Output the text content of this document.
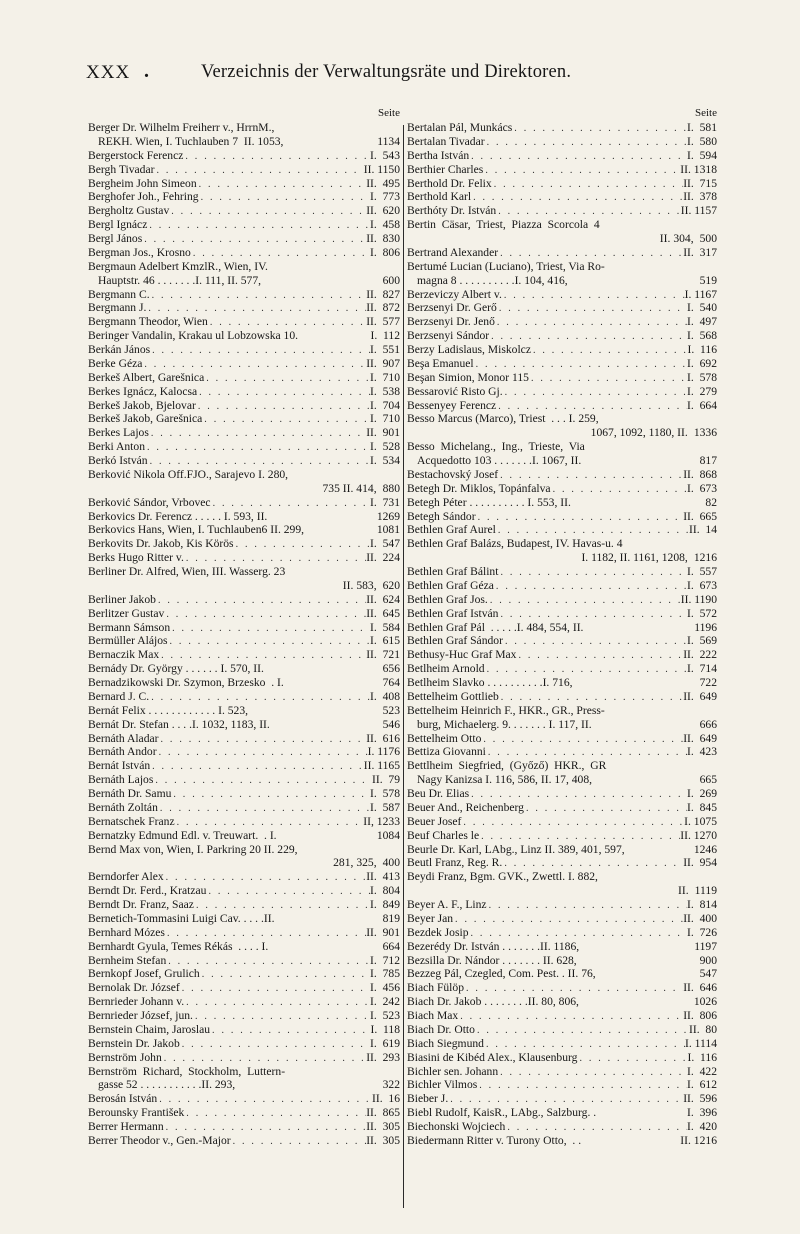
XXX .	Verzeichnis der Verwaltungsräte und Direktoren.
Seite
Berger Dr. Wilhelm Freiherr v., HrrnM.,
REKH. Wien, I. Tuchlauben 7  II. 1053,	1134
Bergerstock Ferencz . . .	I.  543
Bergh Tivadar . . .	II. 1150
Bergheim John Simeon . . .	II.  495
Berghofer Joh., Fehring . . .	I.  773
Bergholtz Gustav . . .	II.  620
Bergl Ignácz . . .	I.  458
Bergl János . . .	II.  830
Bergman Jos., Krosno . . .	I.  806
Bergmaun Adelbert KmzlR., Wien, IV.
Hauptstr. 46 . . . . . . .I. 111, II. 577,	600
Bergmann C. . . .	II.  827
Bergmann J. . . .	II.  872
Bergmann Theodor, Wien . . .	II.  577
Beringer Vandalin, Krakau ul Lobzowska 10.	I.  112
Berkán János . . .	I.  551
Berke Géza . . .	II.  907
Berkeš Albert, Garešnica . . .	I.  710
Berkes Ignácz, Kalocsa . . .	I.  538
Berkeš Jakob, Bjelovar . . .	I.  704
Berkeš Jakob, Garešnica . . .	I.  710
Berkes Lajos . . .	II.  901
Berki Anton . . .	I.  528
Berkó István . . .	I.  534
Berković Nikola Off.FJO., Sarajevo I. 280,
735 II. 414, 880
Berković Sándor, Vrbovec . . .	I.  731
Berkovics Dr. Ferencz . . . . . I. 593, II.	1269
Berkovics Hans, Wien, I. Tuchlauben6 II. 299,	1081
Berkovits Dr. Jakob, Kis Körös . . .	I.  547
Berks Hugo Ritter v. . . .	II.  224
Berliner Dr. Alfred, Wien, III. Wasserg. 23
II. 583, 620
Berliner Jakob . . .	II.  624
Berlitzer Gustav . . .	II.  645
Bermann Sámson . . .	I.  584
Bermüller Alájos . . .	I.  615
Bernaczik Max . . .	II.  721
Bernády Dr. György . . . . . . I. 570, II.	656
Bernadzikowski Dr. Szymon, Brzesko  . I.	764
Bernard J. C. . . .	I.  408
Bernát Felix . . . . . . . . . . . . I. 523,	523
Bernát Dr. Stefan . . . .I. 1032, 1183, II.	546
Bernáth Aladar . . .	II.  616
Bernáth Andor . . .	I. 1176
Bernát István . . .	II. 1165
Bernáth Lajos . . .	II.  79
Bernáth Dr. Samu . . .	I.  578
Bernáth Zoltán . . .	I.  587
Bernatschek Franz . . .	II, 1233
Bernatzky Edmund Edl. v. Treuwart.  . I.	1084
Bernd Max von, Wien, I. Parkring 20 II. 229,
281, 325, 400
Berndorfer Alex . . .	II.  413
Berndt Dr. Ferd., Kratzau . . .	I.  804
Berndt Dr. Franz, Saaz . . .	I.  849
Bernetich-Tommasini Luigi Cav. . . . .II.	819
Bernhard Mózes . . .	II.  901
Bernhardt Gyula, Temes Rékás  . . . . I.	664
Bernheim Stefan . . .	I.  712
Bernkopf Josef, Grulich . . .	I.  785
Bernolak Dr. József . . .	I.  456
Bernrieder Johann v. . . .	I.  242
Bernrieder József, jun. . . .	I.  523
Bernstein Chaim, Jaroslau . . .	I.  118
Bernstein Dr. Jakob . . .	I.  619
Bernström John . . .	II.  293
Bernström  Richard,  Stockholm,  Luttern-
gasse 52 . . . . . . . . . . .II. 293,	322
Berosán István . . .	II.  16
Berounsky František . . .	II.  865
Berrer Hermann . . .	II.  305
Berrer Theodor v., Gen.-Major . . .	II.  305
Seite
Bertalan Pál, Munkács . . .	I.  581
Bertalan Tivadar . . .	I.  580
Bertha István . . .	I.  594
Berthier Charles . . .	II. 1318
Berthold Dr. Felix . . .	II.  715
Berthold Karl . . .	II.  378
Berthóty Dr. István . . .	II. 1157
Bertin  Cäsar,  Triest,  Piazza  Scorcola  4
II. 304, 500
Bertrand Alexander . . .	II.  317
Bertumé Lucian (Luciano), Triest, Via Ro-
magna 8 . . . . . . . . . .I. 104, 416,	519
Berzeviczy Albert v. . . .	I. 1167
Berzsenyi Dr. Gerő . . .	I.  540
Berzsenyi Dr. Jenő . . .	I.  497
Berzsenyi Sándor . . .	I.  568
Berzy Ladislaus, Miskolcz . . .	I.  116
Beşa Emanuel . . .	I.  692
Beşan Simion, Monor 115 . . .	I.  578
Bessarović Risto Gj. . . .	I.  279
Bessenyey Ferencz . . .	I.  664
Besso Marcus (Marco), Triest  . . . I. 259,
1067, 1092, 1180, II. 1336
Besso  Michelang.,  Ing.,  Trieste,  Via
Acquedotto 103 . . . . . . .I. 1067, II.	817
Bestachovský Josef . . .	II.  868
Betegh Dr. Miklos, Topánfalva . . .	I.  673
Betegh Péter . . . . . . . . . . I. 553, II.	82
Betegh Sándor . . .	II.  665
Bethlen Graf Aurel . . .	II.  14
Bethlen Graf Balázs, Budapest, IV. Havas-u. 4
I. 1182, II. 1161, 1208, 1216
Bethlen Graf Bálint . . .	I.  557
Bethlen Graf Géza . . .	I.  673
Bethlen Graf Jos. . . .	II. 1190
Bethlen Graf István . . .	I.  572
Bethlen Graf Pál  . . . . .I. 484, 554, II.	1196
Bethlen Graf Sándor . . .	I.  569
Bethusy-Huc Graf Max . . .	II.  222
Betlheim Arnold . . .	I.  714
Betlheim Slavko . . . . . . . . . .I. 716,	722
Bettelheim Gottlieb . . .	II.  649
Bettelheim Heinrich F., HKR., GR., Press-
burg, Michaelerg. 9. . . . . . . I. 117, II.	666
Bettelheim Otto . . .	II.  649
Bettiza Giovanni . . .	I.  423
Bettlheim  Siegfried,  (Győző)  HKR.,  GR
Nagy Kanizsa I. 116, 586, II. 17, 408,	665
Beu Dr. Elias . . .	I.  269
Beuer And., Reichenberg . . .	I.  845
Beuer Josef . . .	I. 1075
Beuf Charles le . . .	II. 1270
Beurle Dr. Karl, LAbg., Linz II. 389, 401, 597,	1246
Beutl Franz, Reg. R. . . .	II.  954
Beydi Franz, Bgm. GVK., Zwettl. I. 882,
II. 1119
Beyer A. F., Linz . . .	I.  814
Beyer Jan . . .	II.  400
Bezdek Josip . . .	I.  726
Bezerédy Dr. István . . . . . . .II. 1186,	1197
Bezsilla Dr. Nándor . . . . . . . II. 628,	900
Bezzeg Pál, Czegled, Com. Pest. . II. 76,	547
Biach Fülöp . . .	II.  646
Biach Dr. Jakob . . . . . . . .II. 80, 806,	1026
Biach Max . . .	II.  806
Biach Dr. Otto . . .	II.  80
Biach Siegmund . . .	I. 1114
Biasini de Kibéd Alex., Klausenburg . . .	I.  116
Bichler sen. Johann . . .	I.  422
Bichler Vilmos . . .	I.  612
Bieber J. . . .	II.  596
Biebl Rudolf, KaisR., LAbg., Salzburg. .	I.  396
Biechonski Wojciech . . .	I.  420
Biedermann Ritter v. Turony Otto,  . .	II. 1216
